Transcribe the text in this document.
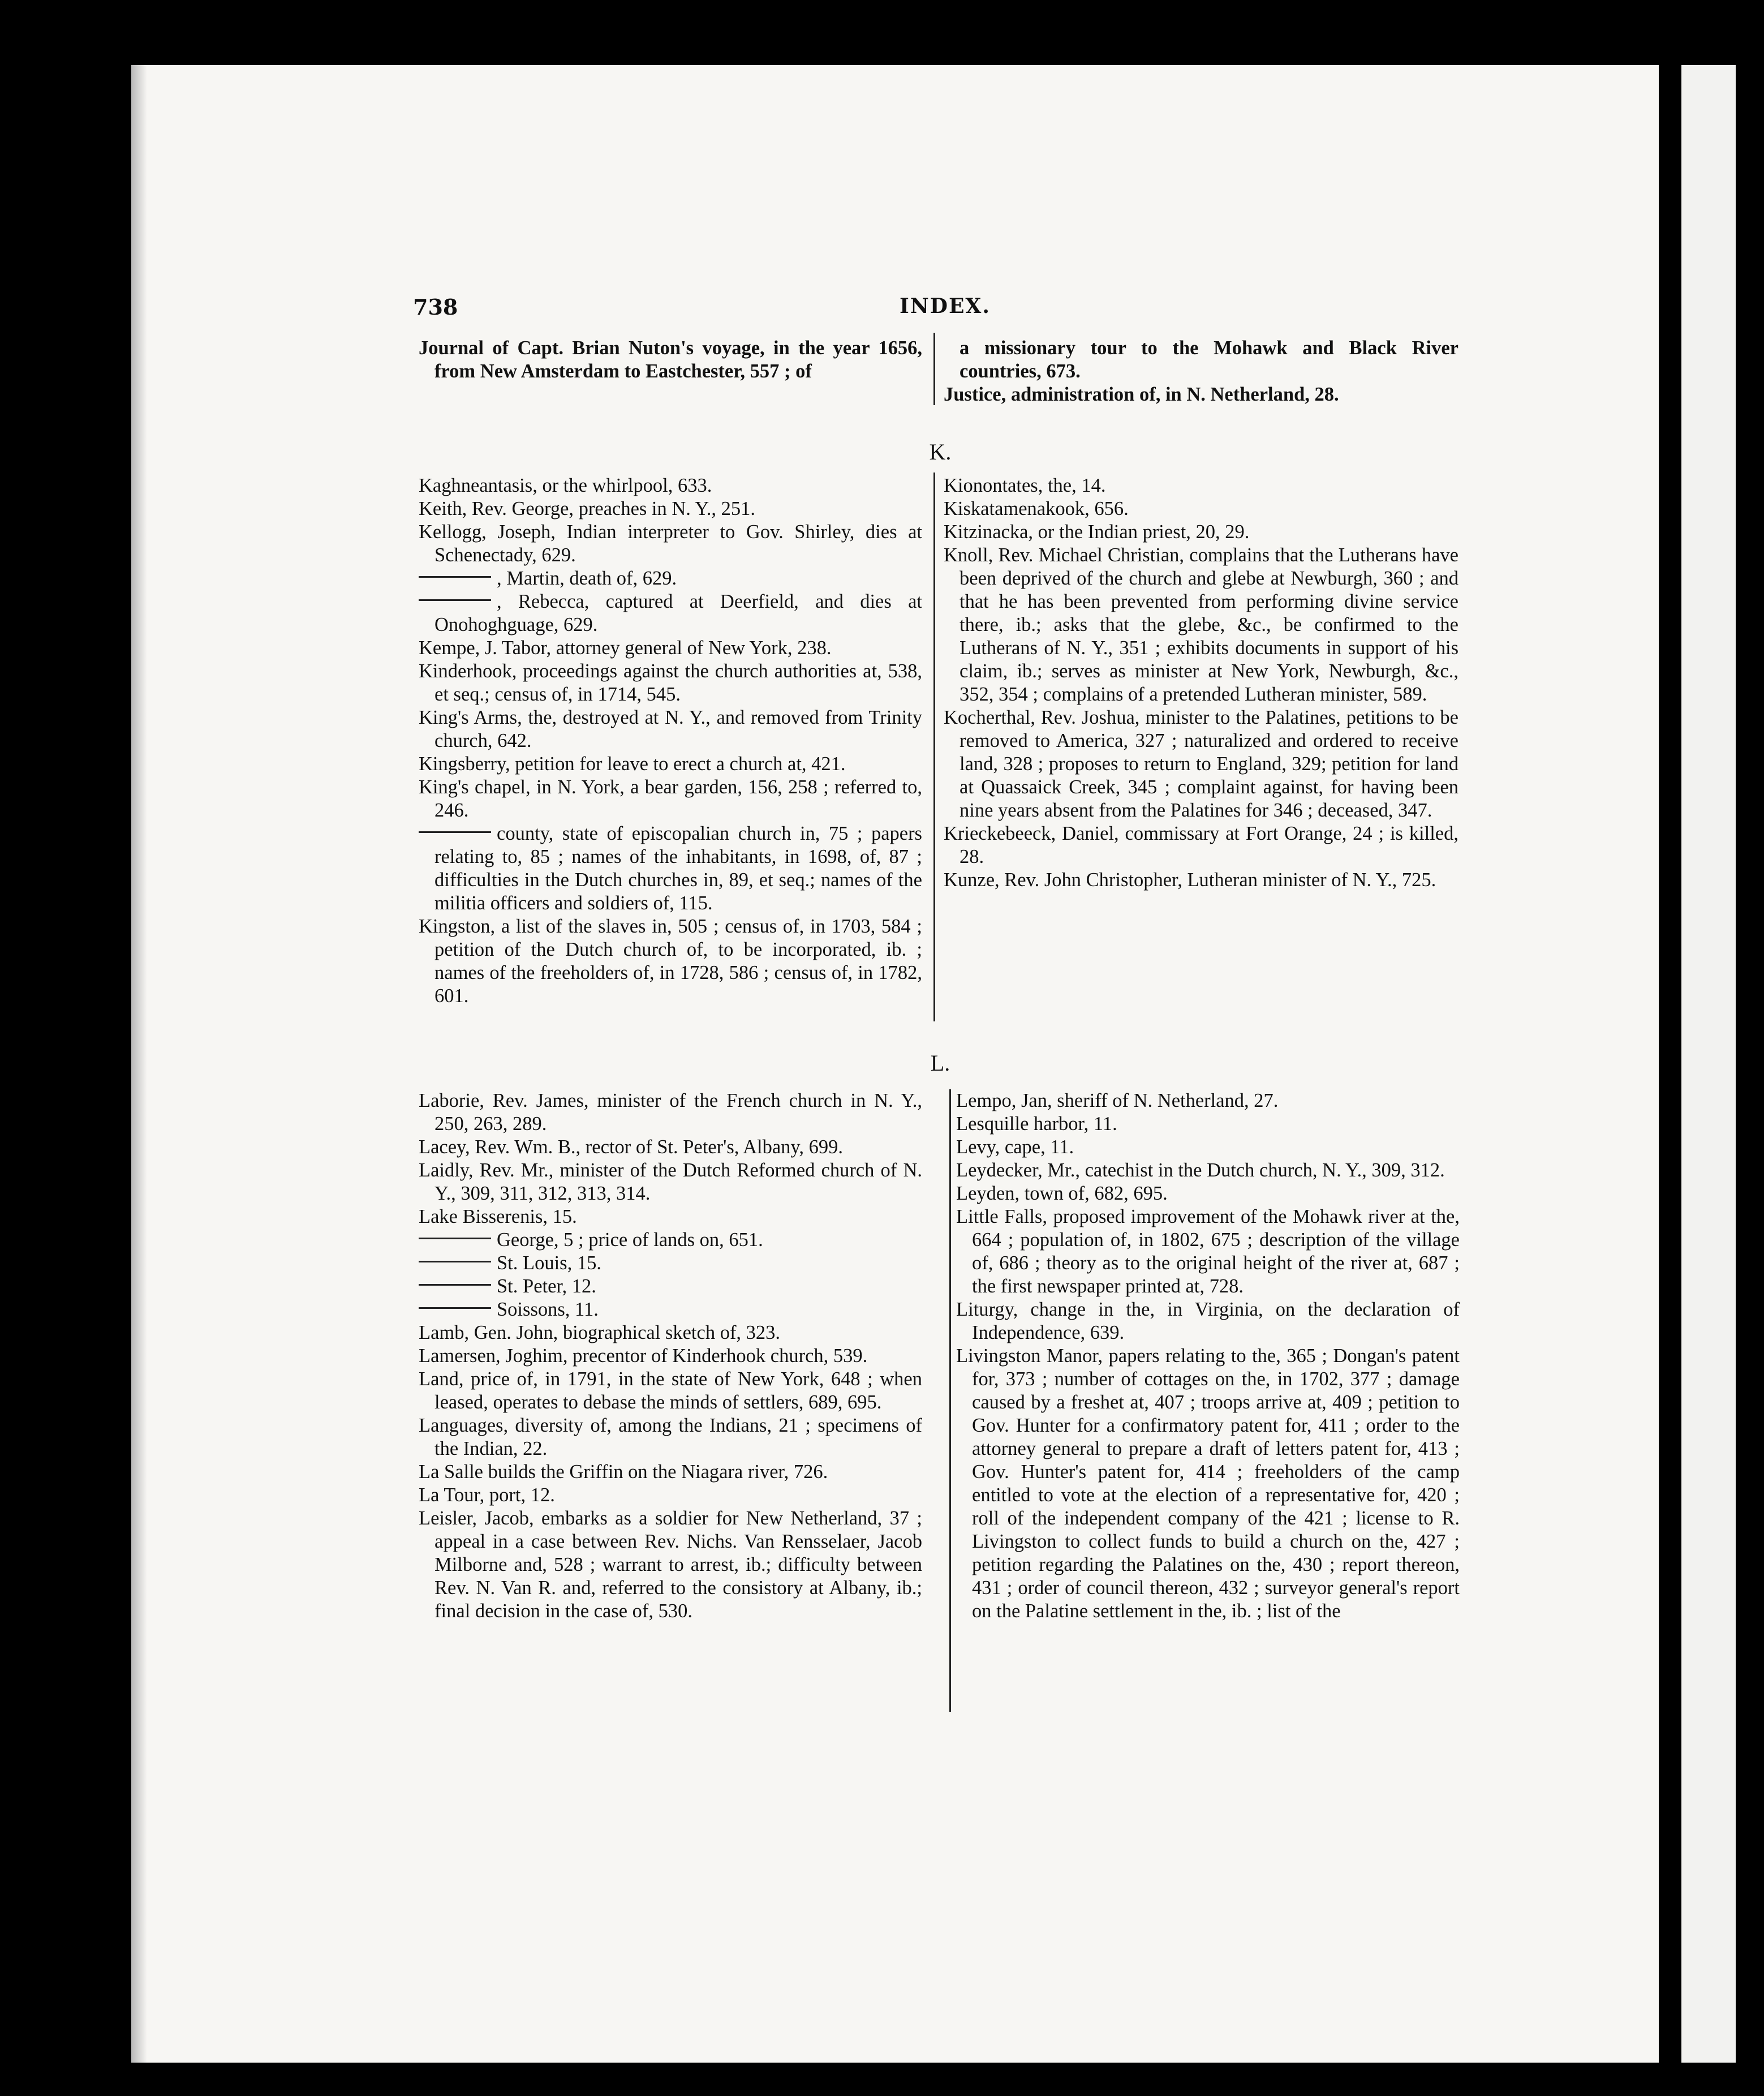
738	INDEX.

Journal of Capt. Brian Nuton's voyage, in the year 1656, from New Amsterdam to Eastchester, 557 ; of

a missionary tour to the Mohawk and Black River countries, 673.

Justice, administration of, in N. Netherland, 28.

K.

Kaghneantasis, or the whirlpool, 633.

Keith, Rev. George, preaches in N. Y., 251.

Kellogg, Joseph, Indian interpreter to Gov. Shirley, dies at Schenectady, 629.

, Martin, death of, 629.

, Rebecca, captured at Deerfield, and dies at Onohoghguage, 629.

Kempe, J. Tabor, attorney general of New York, 238.

Kinderhook, proceedings against the church authorities at, 538, et seq.; census of, in 1714, 545.

King's Arms, the, destroyed at N. Y., and removed from Trinity church, 642.

Kingsberry, petition for leave to erect a church at, 421.

King's chapel, in N. York, a bear garden, 156, 258 ; referred to, 246.

county, state of episcopalian church in, 75 ; papers relating to, 85 ; names of the inhabitants, in 1698, of, 87 ; difficulties in the Dutch churches in, 89, et seq.; names of the militia officers and soldiers of, 115.

Kingston, a list of the slaves in, 505 ; census of, in 1703, 584 ; petition of the Dutch church of, to be incorporated, ib. ; names of the freeholders of, in 1728, 586 ; census of, in 1782, 601.

Kionontates, the, 14.

Kiskatamenakook, 656.

Kitzinacka, or the Indian priest, 20, 29.

Knoll, Rev. Michael Christian, complains that the Lutherans have been deprived of the church and glebe at Newburgh, 360 ; and that he has been prevented from performing divine service there, ib.; asks that the glebe, &c., be confirmed to the Lutherans of N. Y., 351 ; exhibits documents in support of his claim, ib.; serves as minister at New York, Newburgh, &c., 352, 354 ; complains of a pretended Lutheran minister, 589.

Kocherthal, Rev. Joshua, minister to the Palatines, petitions to be removed to America, 327 ; naturalized and ordered to receive land, 328 ; proposes to return to England, 329; petition for land at Quassaick Creek, 345 ; complaint against, for having been nine years absent from the Palatines for 346 ; deceased, 347.

Krieckebeeck, Daniel, commissary at Fort Orange, 24 ; is killed, 28.

Kunze, Rev. John Christopher, Lutheran minister of N. Y., 725.

L.

Laborie, Rev. James, minister of the French church in N. Y., 250, 263, 289.

Lacey, Rev. Wm. B., rector of St. Peter's, Albany, 699.

Laidly, Rev. Mr., minister of the Dutch Reformed church of N. Y., 309, 311, 312, 313, 314.

Lake Bisserenis, 15.

George, 5 ; price of lands on, 651.

St. Louis, 15.

St. Peter, 12.

Soissons, 11.

Lamb, Gen. John, biographical sketch of, 323.

Lamersen, Joghim, precentor of Kinderhook church, 539.

Land, price of, in 1791, in the state of New York, 648 ; when leased, operates to debase the minds of settlers, 689, 695.

Languages, diversity of, among the Indians, 21 ; specimens of the Indian, 22.

La Salle builds the Griffin on the Niagara river, 726.

La Tour, port, 12.

Leisler, Jacob, embarks as a soldier for New Netherland, 37 ; appeal in a case between Rev. Nichs. Van Rensselaer, Jacob Milborne and, 528 ; warrant to arrest, ib.; difficulty between Rev. N. Van R. and, referred to the consistory at Albany, ib.; final decision in the case of, 530.

Lempo, Jan, sheriff of N. Netherland, 27.

Lesquille harbor, 11.

Levy, cape, 11.

Leydecker, Mr., catechist in the Dutch church, N. Y., 309, 312.

Leyden, town of, 682, 695.

Little Falls, proposed improvement of the Mohawk river at the, 664 ; population of, in 1802, 675 ; description of the village of, 686 ; theory as to the original height of the river at, 687 ; the first newspaper printed at, 728.

Liturgy, change in the, in Virginia, on the declaration of Independence, 639.

Livingston Manor, papers relating to the, 365 ; Dongan's patent for, 373 ; number of cottages on the, in 1702, 377 ; damage caused by a freshet at, 407 ; troops arrive at, 409 ; petition to Gov. Hunter for a confirmatory patent for, 411 ; order to the attorney general to prepare a draft of letters patent for, 413 ; Gov. Hunter's patent for, 414 ; freeholders of the camp entitled to vote at the election of a representative for, 420 ; roll of the independent company of the 421 ; license to R. Livingston to collect funds to build a church on the, 427 ; petition regarding the Palatines on the, 430 ; report thereon, 431 ; order of council thereon, 432 ; surveyor general's report on the Palatine settlement in the, ib. ; list of the
